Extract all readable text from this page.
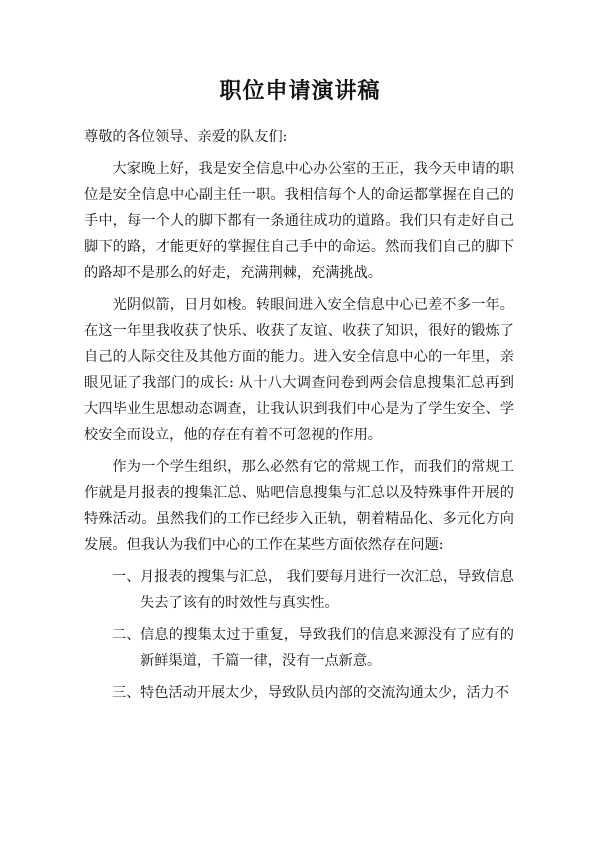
职位申请演讲稿

尊敬的各位领导、亲爱的队友们:

大家晚上好，我是安全信息中心办公室的王正，我今天申请的职位是安全信息中心副主任一职。我相信每个人的命运都掌握在自己的手中，每一个人的脚下都有一条通往成功的道路。我们只有走好自己脚下的路，才能更好的掌握住自己手中的命运。然而我们自己的脚下的路却不是那么的好走，充满荆棘，充满挑战。

光阴似箭，日月如梭。转眼间进入安全信息中心已差不多一年。在这一年里我收获了快乐、收获了友谊、收获了知识，很好的锻炼了自己的人际交往及其他方面的能力。进入安全信息中心的一年里，亲眼见证了我部门的成长: 从十八大调查问卷到两会信息搜集汇总再到大四毕业生思想动态调查，让我认识到我们中心是为了学生安全、学校安全而设立，他的存在有着不可忽视的作用。

作为一个学生组织，那么必然有它的常规工作，而我们的常规工作就是月报表的搜集汇总、贴吧信息搜集与汇总以及特殊事件开展的特殊活动。虽然我们的工作已经步入正轨，朝着精品化、多元化方向发展。但我认为我们中心的工作在某些方面依然存在问题:

一、 月报表的搜集与汇总， 我们要每月进行一次汇总，导致信息失去了该有的时效性与真实性。
二、 信息的搜集太过于重复，导致我们的信息来源没有了应有的新鲜渠道，千篇一律，没有一点新意。
三、 特色活动开展太少，导致队员内部的交流沟通太少，活力不
